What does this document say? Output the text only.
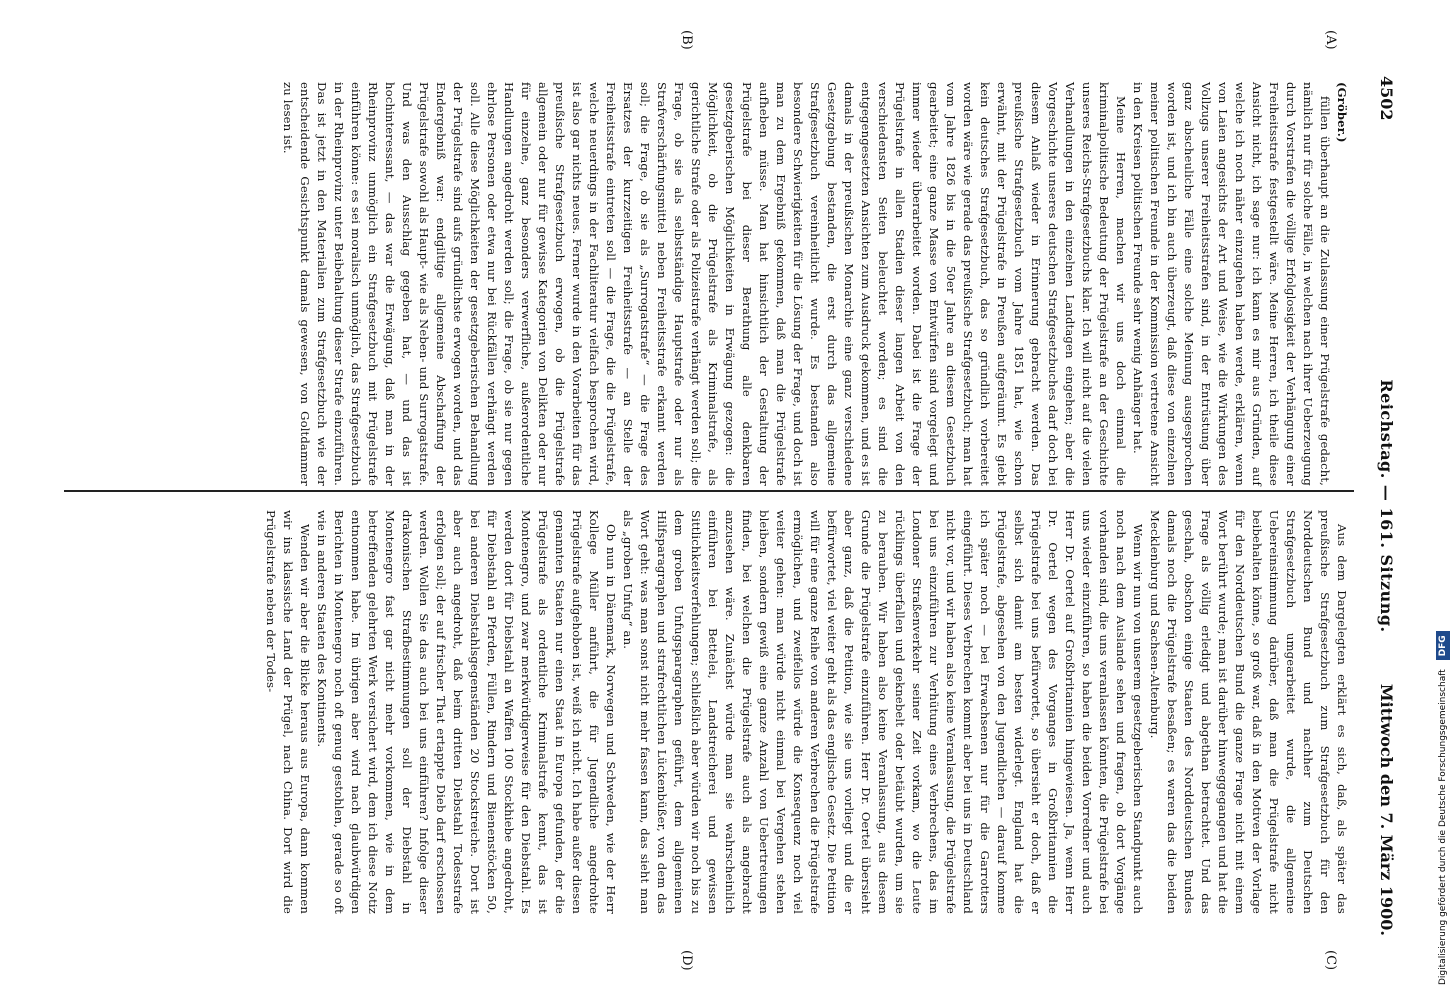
4502
Reichstag. — 161. Sitzung.
Mittwoch den 7. März 1900.
(A)
(B)
(C)
(D)
(Gröber.)

füllen überhaupt an die Zulassung einer Prügelstrafe gedacht, nämlich nur für solche Fälle, in welchen nach ihrer Ueberzeugung durch Vorstrafen die völlige Erfolglosigkeit der Verhängung einer Freiheitsstrafe festgestellt wäre. Meine Herren, ich theile diese Ansicht nicht, ich sage nur: ich kann es mir aus Gründen, auf welche ich noch näher einzugehen haben werde, erklären, wenn von Laien angesichts der Art und Weise, wie die Wirkungen des Vollzugs unserer Freiheitsstrafen sind, in der Entrüstung über ganz abscheuliche Fälle eine solche Meinung ausgesprochen worden ist, und ich bin auch überzeugt, daß diese von einzelnen meiner politischen Freunde in der Kommission vertretene Ansicht in den Kreisen politischen Freunde sehr wenig Anhänger hat.

Meine Herren, machen wir uns doch einmal die kriminalpolitische Bedeutung der Prügelstrafe an der Geschichte unseres Reichs-Strafgesetzbuchs klar. Ich will nicht auf die vielen Verhandlungen in den einzelnen Landtagen eingehen; aber die Vorgeschichte unseres deutschen Strafgesetzbuches darf doch bei diesem Anlaß wieder in Erinnerung gebracht werden. Das preußische Strafgesetzbuch vom Jahre 1851 hat, wie schon erwähnt, mit der Prügelstrafe in Preußen aufgeräumt. Es giebt kein deutsches Strafgesetzbuch, das so gründlich vorbereitet worden wäre wie gerade das preußische Strafgesetzbuch; man hat vom Jahre 1826 bis in die 50er Jahre an diesem Gesetzbuch gearbeitet; eine ganze Masse von Entwürfen sind vorgelegt und immer wieder überarbeitet worden. Dabei ist die Frage der Prügelstrafe in allen Stadien dieser langen Arbeit von den verschiedensten Seiten beleuchtet worden; es sind die entgegengesetzten Ansichten zum Ausdruck gekommen, und es ist damals in der preußischen Monarchie eine ganz verschiedene Gesetzgebung bestanden, die erst durch das allgemeine Strafgesetzbuch vereinheitlicht wurde. Es bestanden also besondere Schwierigkeiten für die Lösung der Frage, und doch ist man zu dem Ergebniß gekommen, daß man die Prügelstrafe aufheben müsse. Man hat hinsichtlich der Gestaltung der Prügelstrafe bei dieser Berathung alle denkbaren gesetzgeberischen Möglichkeiten in Erwägung gezogen: die Möglichkeit, ob die Prügelstrafe als Kriminalstrafe, als gerichtliche Strafe oder als Polizeistrafe verhängt werden soll; die Frage, ob sie als selbstständige Hauptstrafe oder nur als Strafverschärfungsmittel neben Freiheitsstrafe erkannt werden soll; die Frage, ob sie als „Surrogatstrafe“ — die Frage des Ersatzes der kurzzeitigen Freiheitsstrafe — an Stelle der Freiheitsstrafe eintreten soll — die Frage, die die Prügelstrafe, welche neuerdings in der Fachliteratur vielfach besprochen wird, ist also gar nichts neues. Ferner wurde in den Vorarbeiten für das preußische Strafgesetzbuch erwogen, ob die Prügelstrafe allgemein oder nur für gewisse Kategorien von Delikten oder nur für einzelne, ganz besonders verwerfliche, außerordentliche Handlungen angedroht werden soll; die Frage, ob sie nur gegen ehrlose Personen oder etwa nur bei Rückfällen verhängt werden soll. Alle diese Möglichkeiten der gesetzgeberischen Behandlung der Prügelstrafe sind aufs gründlichste erwogen worden, und das Endergebniß war: endgiltige allgemeine Abschaffung der Prügelstrafe sowohl als Haupt- wie als Neben- und Surrogatstrafe. Und was den Ausschlag gegeben hat, — und das ist hochinteressant, — das war die Erwägung, daß man in der Rheinprovinz unmöglich ein Strafgesetzbuch mit Prügelstrafe einführen könne: es sei moralisch unmöglich, das Strafgesetzbuch in der Rheinprovinz unter Beibehaltung dieser Strafe einzuführen. Das ist jetzt in den Materialien zum Strafgesetzbuch wie der entscheidende Gesichtspunkt damals gewesen, von Goltdammer zu lesen ist.

Aus dem Dargelegten erklärt es sich, daß, als später das preußische Strafgesetzbuch zum Strafgesetzbuch für den Norddeutschen Bund und nachher zum Deutschen Strafgesetzbuch umgearbeitet wurde, die allgemeine Uebereinstimmung darüber, daß man die Prügelstrafe nicht beibehalten könne, so groß war, daß in den Motiven der Vorlage für den Norddeutschen Bund die ganze Frage nicht mit einem Wort berührt wurde; man ist darüber hinweggegangen und hat die Frage als völlig erledigt und abgethan betrachtet. Und das geschah, obschon einige Staaten des Norddeutschen Bundes damals noch die Prügelstrafe besaßen; es waren das die beiden Mecklenburg und Sachsen-Altenburg.

Wenn wir nun von unserem gesetzgeberischen Standpunkt auch noch nach dem Auslande sehen und fragen, ob dort Vorgänge vorhanden sind, die uns veranlassen könnten, die Prügelstrafe bei uns wieder einzuführen, so haben die beiden Vorredner und auch Herr Dr. Oertel auf Großbritannien hingewiesen. Ja, wenn Herr Dr. Oertel wegen des Vorganges in Großbritannien die Prügelstrafe bei uns befürwortet, so übersieht er doch, daß er selbst sich damit am besten widerlegt. England hat die Prügelstrafe, abgesehen von den Jugendlichen — darauf komme ich später noch — bei Erwachsenen nur für die Garrotters eingeführt. Dieses Verbrechen kommt aber bei uns in Deutschland nicht vor, und wir haben also keine Veranlassung, die Prügelstrafe bei uns einzuführen zur Verhütung eines Verbrechens, das im Londoner Straßenverkehr seiner Zeit vorkam, wo die Leute rücklings überfallen und geknebelt oder betäubt wurden, um sie zu berauben. Wir haben also keine Veranlassung, aus diesem Grunde die Prügelstrafe einzuführen. Herr Dr. Oertel übersieht aber ganz, daß die Petition, wie sie uns vorliegt und die er befürwortet, viel weiter geht als das englische Gesetz. Die Petition will für eine ganze Reihe von anderen Verbrechen die Prügelstrafe ermöglichen, und zweifellos würde die Konsequenz noch viel weiter gehen: man würde nicht einmal bei Vergehen stehen bleiben, sondern gewiß eine ganze Anzahl von Uebertretungen finden, bei welchen die Prügelstrafe auch als angebracht anzusehen wäre. Zunächst würde man sie wahrscheinlich einführen bei Bettelei, Landstreicherei und gewissen Sittlichkeitsverfehlungen; schließlich aber würden wir noch bis zu dem groben Unfugsparagraphen geführt, dem allgemeinen Hilfsparagraphen und strafrechtlichen Lückenbüßer, von dem das Wort geht: was man sonst nicht mehr fassen kann, das sieht man als „groben Unfug“ an.

Ob nun in Dänemark, Norwegen und Schweden, wie der Herr Kollege Müller anführt, die für Jugendliche angedrohte Prügelstrafe aufgehoben ist, weiß ich nicht. Ich habe außer diesen genannten Staaten nur einen Staat in Europa gefunden, der die Prügelstrafe als ordentliche Kriminalstrafe kennt, das ist Montenegro, und zwar merkwürdigerweise für den Diebstahl. Es werden dort für Diebstahl an Waffen 100 Stockhiebe angedroht, für Diebstahl an Pferden, Füllen, Rindern und Bienenstöcken 50, bei anderen Diebstahlsgegenständen 20 Stockstreiche. Dort ist aber auch angedroht, daß beim dritten Diebstahl Todesstrafe erfolgen soll; der auf frischer That ertappte Dieb darf erschossen werden. Wollen Sie das auch bei uns einführen? Infolge dieser drakonischen Strafbestimmungen soll der Diebstahl in Montenegro fast gar nicht mehr vorkommen, wie in dem betreffenden gelehrten Werk versichert wird, dem ich diese Notiz entnommen habe. Im übrigen aber wird nach glaubwürdigen Berichten in Montenegro noch oft genug gestohlen, gerade so oft wie in anderen Staaten des Kontinents.

Wenden wir aber die Blicke heraus aus Europa, dann kommen wir ins klassische Land der Prügel, nach China. Dort wird die Prügelstrafe neben der Todes-

Digitalisierung gefördert durch die Deutsche Forschungsgemeinschaft DFG
